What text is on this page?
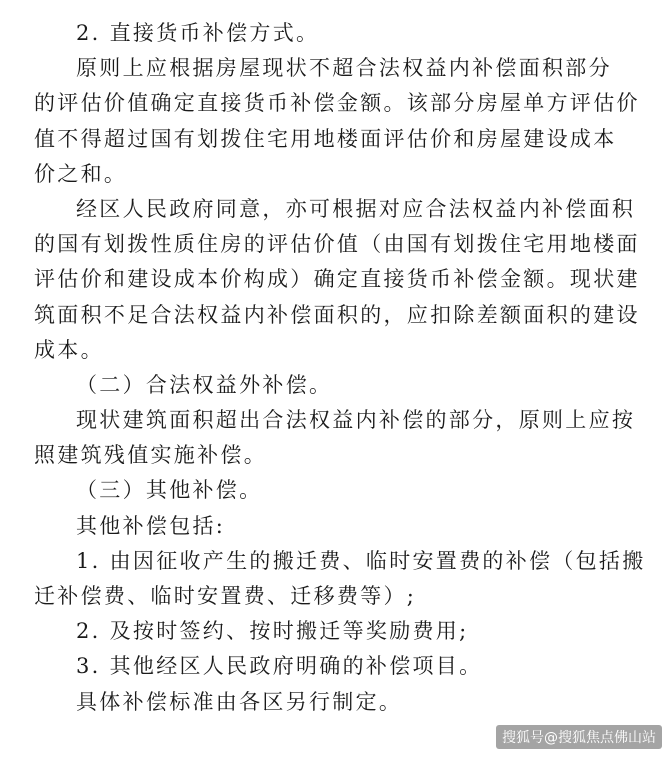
2. 直接货币补偿方式。
原则上应根据房屋现状不超合法权益内补偿面积部分
的评估价值确定直接货币补偿金额。该部分房屋单方评估价
值不得超过国有划拨住宅用地楼面评估价和房屋建设成本
价之和。
经区人民政府同意，亦可根据对应合法权益内补偿面积
的国有划拨性质住房的评估价值（由国有划拨住宅用地楼面
评估价和建设成本价构成）确定直接货币补偿金额。现状建
筑面积不足合法权益内补偿面积的，应扣除差额面积的建设
成本。
（二）合法权益外补偿。
现状建筑面积超出合法权益内补偿的部分，原则上应按
照建筑残值实施补偿。
（三）其他补偿。
其他补偿包括:
1. 由因征收产生的搬迁费、临时安置费的补偿（包括搬
迁补偿费、临时安置费、迁移费等）;
2. 及按时签约、按时搬迁等奖励费用;
3. 其他经区人民政府明确的补偿项目。
具体补偿标准由各区另行制定。
搜狐号@搜狐焦点佛山站
